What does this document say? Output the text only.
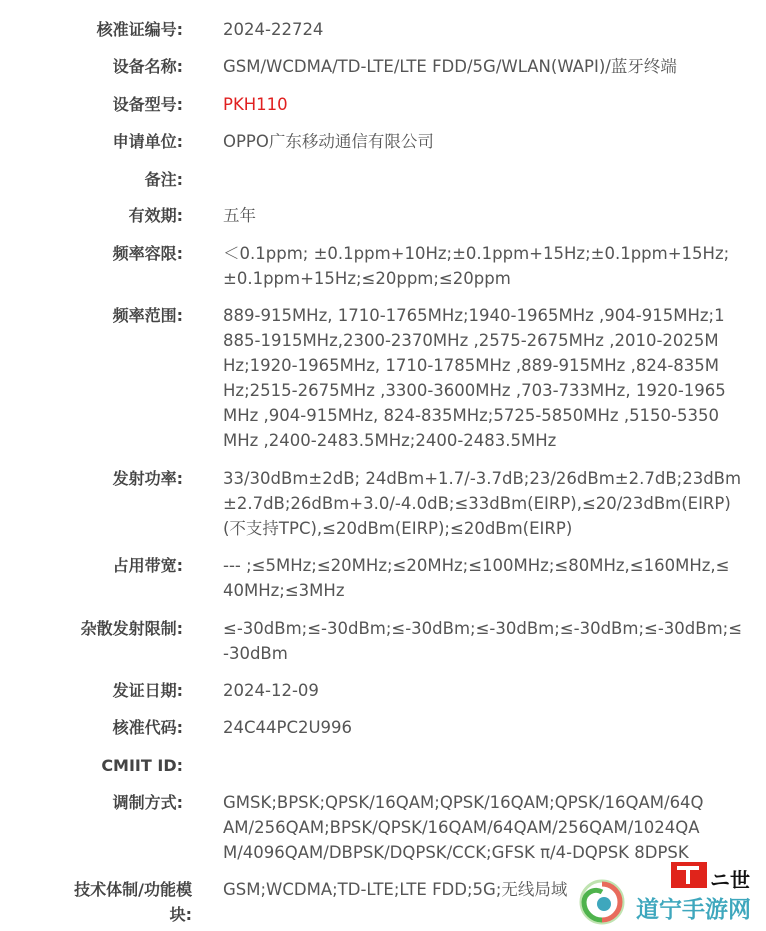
核准证编号: 2024-22724
设备名称: GSM/WCDMA/TD-LTE/LTE FDD/5G/WLAN(WAPI)/蓝牙终端
设备型号: PKH110
申请单位: OPPO广东移动通信有限公司
备注:
有效期: 五年
频率容限: ＜0.1ppm; ±0.1ppm+10Hz;±0.1ppm+15Hz;±0.1ppm+15Hz;
±0.1ppm+15Hz;≤20ppm;≤20ppm
频率范围: 889-915MHz, 1710-1765MHz;1940-1965MHz ,904-915MHz;1
885-1915MHz,2300-2370MHz ,2575-2675MHz ,2010-2025M
Hz;1920-1965MHz, 1710-1785MHz ,889-915MHz ,824-835M
Hz;2515-2675MHz ,3300-3600MHz ,703-733MHz, 1920-1965
MHz ,904-915MHz, 824-835MHz;5725-5850MHz ,5150-5350
MHz ,2400-2483.5MHz;2400-2483.5MHz
发射功率: 33/30dBm±2dB; 24dBm+1.7/-3.7dB;23/26dBm±2.7dB;23dBm
±2.7dB;26dBm+3.0/-4.0dB;≤33dBm(EIRP),≤20/23dBm(EIRP)
(不支持TPC),≤20dBm(EIRP);≤20dBm(EIRP)
占用带宽: --- ;≤5MHz;≤20MHz;≤20MHz;≤100MHz;≤80MHz,≤160MHz,≤
40MHz;≤3MHz
杂散发射限制: ≤-30dBm;≤-30dBm;≤-30dBm;≤-30dBm;≤-30dBm;≤-30dBm;≤
-30dBm
发证日期: 2024-12-09
核准代码: 24C44PC2U996
CMIIT ID:
调制方式: GMSK;BPSK;QPSK/16QAM;QPSK/16QAM;QPSK/16QAM/64Q
AM/256QAM;BPSK/QPSK/16QAM/64QAM/256QAM/1024QA
M/4096QAM/DBPSK/DQPSK/CCK;GFSK π/4-DQPSK 8DPSK
技术体制/功能模块:
GSM;WCDMA;TD-LTE;LTE FDD;5G;无线局域	ニ世
道宁手游网
